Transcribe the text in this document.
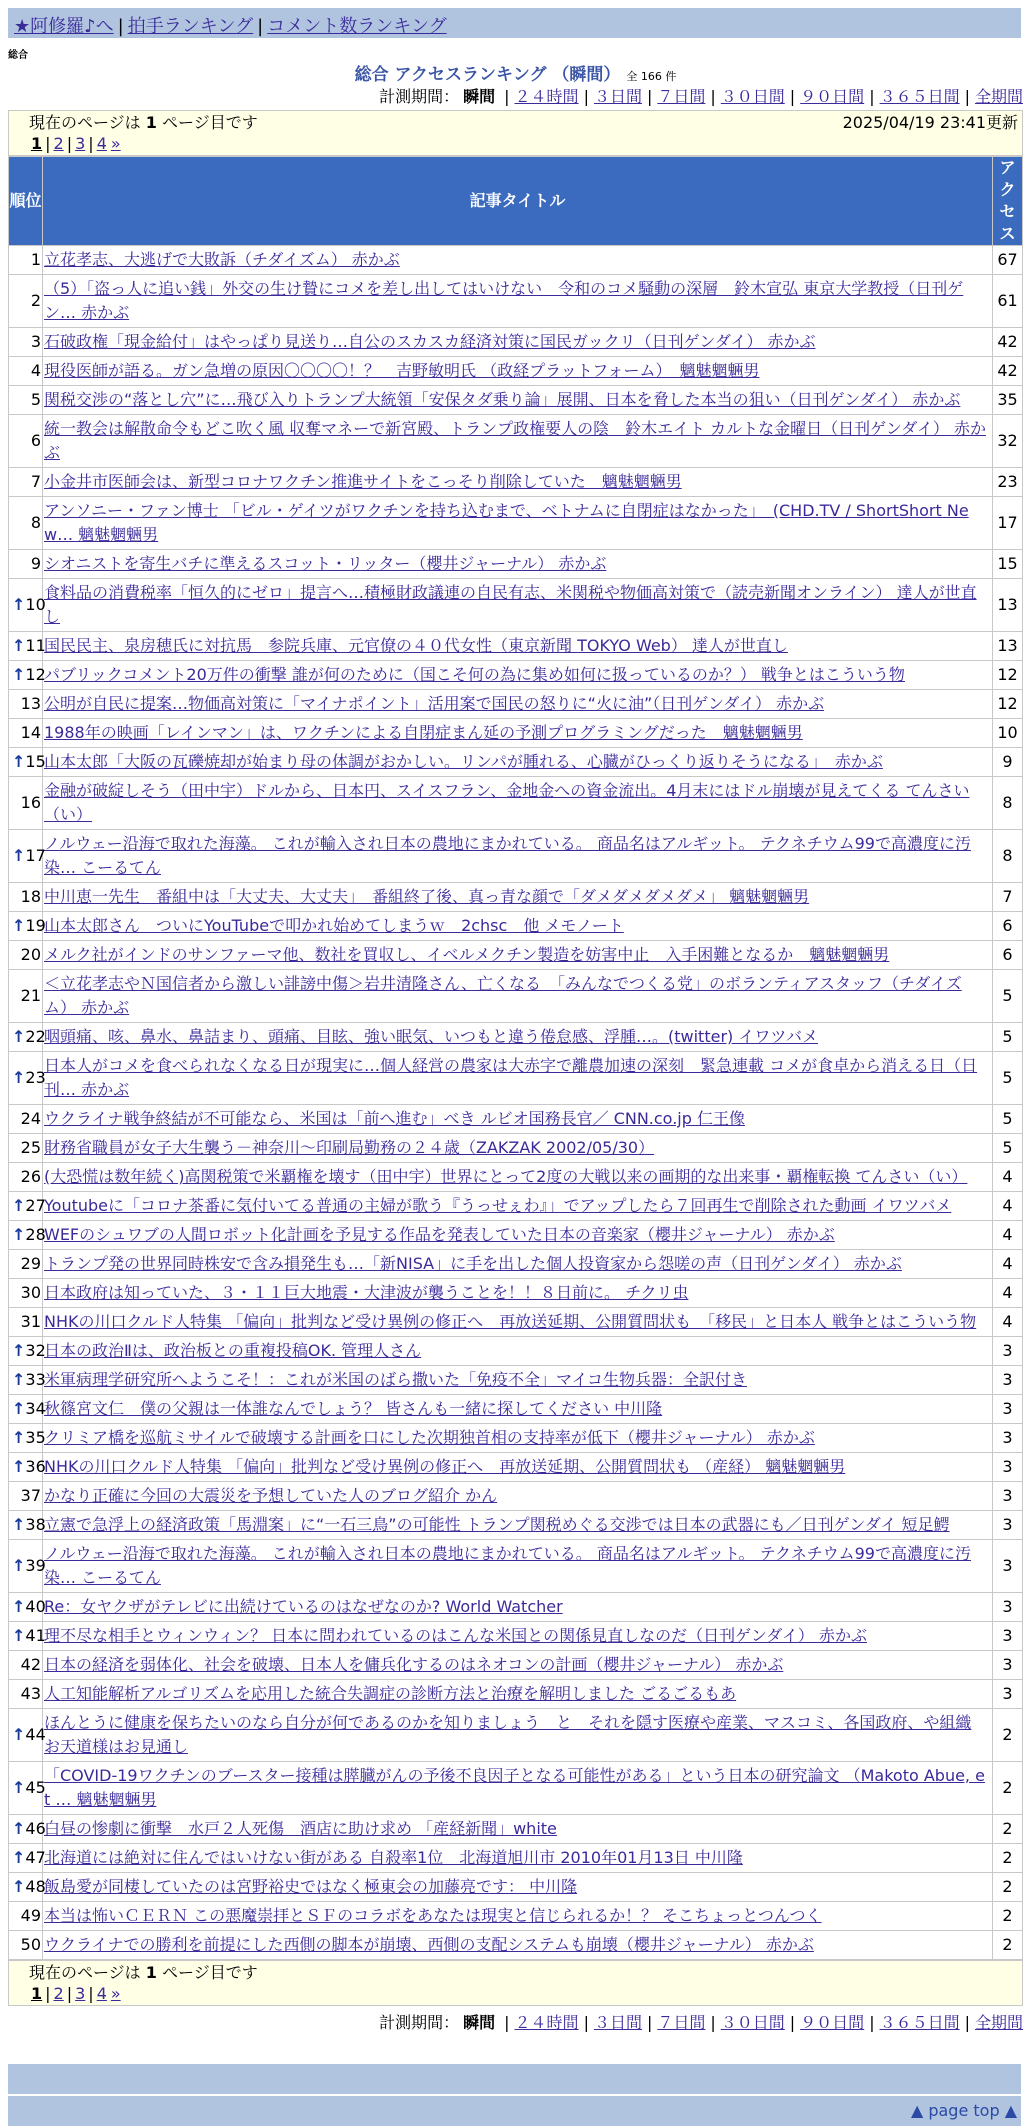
★阿修羅♪へ | 拍手ランキング | コメント数ランキング
総合
総合 アクセスランキング （瞬間） 全 166 件
計測期間： 瞬間 | ２４時間 | ３日間 | ７日間 | ３０日間 | ９０日間 | ３６５日間 | 全期間
現在のページは 1 ページ目です	2025/04/19 23:41更新
1 | 2 | 3 | 4 »
順位	記事タイトル	アクセス
1	立花孝志、大逃げで大敗訴（チダイズム） 赤かぶ	67
2	（5）「盗っ人に追い銭」外交の生け贄にコメを差し出してはいけない　令和のコメ騒動の深層　鈴木宣弘 東京大学教授（日刊ゲン… 赤かぶ	61
3	石破政権「現金給付」はやっぱり見送り…自公のスカスカ経済対策に国民ガックリ（日刊ゲンダイ） 赤かぶ	42
4	現役医師が語る。ガン急増の原因〇〇〇〇！？　吉野敏明氏 （政経プラットフォーム）　魑魅魍魎男	42
5	関税交渉の“落とし穴”に…飛び入りトランプ大統領「安保タダ乗り論」展開、日本を脅した本当の狙い（日刊ゲンダイ） 赤かぶ	35
6	統一教会は解散命令もどこ吹く風 収奪マネーで新宮殿、トランプ政権要人の陰　鈴木エイト カルトな金曜日（日刊ゲンダイ） 赤かぶ	32
7	小金井市医師会は、新型コロナワクチン推進サイトをこっそり削除していた　魑魅魍魎男	23
8	アンソニー・ファン博士 「ビル・ゲイツがワクチンを持ち込むまで、ベトナムに自閉症はなかった」　(CHD.TV / ShortShort New… 魑魅魍魎男	17
9	シオニストを寄生バチに準えるスコット・リッター（櫻井ジャーナル） 赤かぶ	15

↑ 10	食料品の消費税率「恒久的にゼロ」提言へ…積極財政議連の自民有志、米関税や物価高対策で（読売新聞オンライン） 達人が世直し	13

↑ 11	国民民主、泉房穂氏に対抗馬　参院兵庫、元官僚の４０代女性（東京新聞 TOKYO Web） 達人が世直し	13

↑ 12	パブリックコメント20万件の衝撃 誰が何のために（国こそ何の為に集め如何に扱っているのか？） 戦争とはこういう物	12
13	公明が自民に提案…物価高対策に「マイナポイント」活用案で国民の怒りに“火に油”（日刊ゲンダイ） 赤かぶ	12
14	1988年の映画「レインマン」は、ワクチンによる自閉症まん延の予測プログラミングだった　魑魅魍魎男	10

↑ 15	山本太郎「大阪の瓦礫焼却が始まり母の体調がおかしい。リンパが腫れる、心臓がひっくり返りそうになる」　赤かぶ	9
16	金融が破綻しそう（田中宇）ドルから、日本円、スイスフラン、金地金への資金流出。4月末にはドル崩壊が見えてくる てんさい（い）	8

↑ 17	ノルウェー沿海で取れた海藻。 これが輸入され日本の農地にまかれている。 商品名はアルギット。 テクネチウム99で高濃度に汚染… こーるてん	8
18	中川恵一先生　番組中は「大丈夫、大丈夫」　番組終了後、真っ青な顔で「ダメダメダメダメ」 魑魅魍魎男	7

↑ 19	山本太郎さん　ついにYouTubeで叩かれ始めてしまうｗ　2chsc　他 メモノート	6
20	メルク社がインドのサンファーマ他、数社を買収し、イベルメクチン製造を妨害中止　入手困難となるか　魑魅魍魎男	6
21	＜立花孝志やＮ国信者から激しい誹謗中傷＞岩井清隆さん、亡くなる　「みんなでつくる党」のボランティアスタッフ（チダイズム） 赤かぶ	5

↑ 22	咽頭痛、咳、鼻水、鼻詰まり、頭痛、目眩、強い眠気、いつもと違う倦怠感、浮腫…。(twitter) イワツバメ	5

↑ 23	日本人がコメを食べられなくなる日が現実に…個人経営の農家は大赤字で離農加速の深刻　緊急連載 コメが食卓から消える日（日刊… 赤かぶ	5
24	ウクライナ戦争終結が不可能なら、米国は「前へ進む」べき ルビオ国務長官／ CNN.co.jp 仁王像	5
25	財務省職員が女子大生襲う－神奈川～印刷局勤務の２４歳（ZAKZAK 2002/05/30）	5
26	(大恐慌は数年続く)高関税策で米覇権を壊す（田中宇）世界にとって2度の大戦以来の画期的な出来事・覇権転換 てんさい（い）	4

↑ 27	Youtubeに「コロナ茶番に気付いてる普通の主婦が歌う『うっせぇわ』」でアップしたら７回再生で削除された動画 イワツバメ	4

↑ 28	WEFのシュワブの人間ロボット化計画を予見する作品を発表していた日本の音楽家（櫻井ジャーナル） 赤かぶ	4
29	トランプ発の世界同時株安で含み損発生も…「新NISA」に手を出した個人投資家から怨嗟の声（日刊ゲンダイ） 赤かぶ	4
30	日本政府は知っていた、３・１１巨大地震・大津波が襲うことを！！８日前に。 チクリ虫	4
31	NHKの川口クルド人特集 「偏向」批判など受け異例の修正へ　再放送延期、公開質問状も　「移民」と日本人 戦争とはこういう物	4

↑ 32	日本の政治Ⅱは、政治板との重複投稿OK. 管理人さん	3

↑ 33	米軍病理学研究所へようこそ！：これが米国のばら撒いた「免疫不全」マイコ生物兵器：全訳付き	3

↑ 34	秋篠宮文仁　僕の父親は一体誰なんでしょう？ 皆さんも一緒に探してください 中川隆	3

↑ 35	クリミア橋を巡航ミサイルで破壊する計画を口にした次期独首相の支持率が低下（櫻井ジャーナル） 赤かぶ	3

↑ 36	NHKの川口クルド人特集 「偏向」批判など受け異例の修正へ　再放送延期、公開質問状も （産経） 魑魅魍魎男	3
37	かなり正確に今回の大震災を予想していた人のブログ紹介 かん	3

↑ 38	立憲で急浮上の経済政策「馬淵案」に“一石三鳥”の可能性 トランプ関税めぐる交渉では日本の武器にも／日刊ゲンダイ 短足鰐	3

↑ 39	ノルウェー沿海で取れた海藻。 これが輸入され日本の農地にまかれている。 商品名はアルギット。 テクネチウム99で高濃度に汚染… こーるてん	3

↑ 40	Re：女ヤクザがテレビに出続けているのはなぜなのか? World Watcher	3

↑ 41	理不尽な相手とウィンウィン？ 日本に問われているのはこんな米国との関係見直しなのだ（日刊ゲンダイ） 赤かぶ	3
42	日本の経済を弱体化、社会を破壊、日本人を傭兵化するのはネオコンの計画（櫻井ジャーナル） 赤かぶ	3
43	人工知能解析アルゴリズムを応用した統合失調症の診断方法と治療を解明しました ごるごるもあ	3

↑ 44	ほんとうに健康を保ちたいのなら自分が何であるのかを知りましょう　と　それを隠す医療や産業、マスコミ、各国政府、や組織 お天道様はお見通し	2

↑ 45	「COVID-19ワクチンのブースター接種は膵臓がんの予後不良因子となる可能性がある」という日本の研究論文 （Makoto Abue, et … 魑魅魍魎男	2

↑ 46	白昼の惨劇に衝撃　水戸２人死傷　酒店に助け求め 「産経新聞」white	2

↑ 47	北海道には絶対に住んではいけない街がある 自殺率1位　北海道旭川市 2010年01月13日 中川隆	2

↑ 48	飯島愛が同棲していたのは宮野裕史ではなく極東会の加藤亮です： 中川隆	2
49	本当は怖いＣＥＲＮ この悪魔崇拝とＳＦのコラボをあなたは現実と信じられるか！？ そこちょっとつんつく	2
50	ウクライナでの勝利を前提にした西側の脚本が崩壊、西側の支配システムも崩壊（櫻井ジャーナル） 赤かぶ	2
現在のページは 1 ページ目です
1 | 2 | 3 | 4 »
計測期間： 瞬間 | ２４時間 | ３日間 | ７日間 | ３０日間 | ９０日間 | ３６５日間 | 全期間
▲ page top ▲
